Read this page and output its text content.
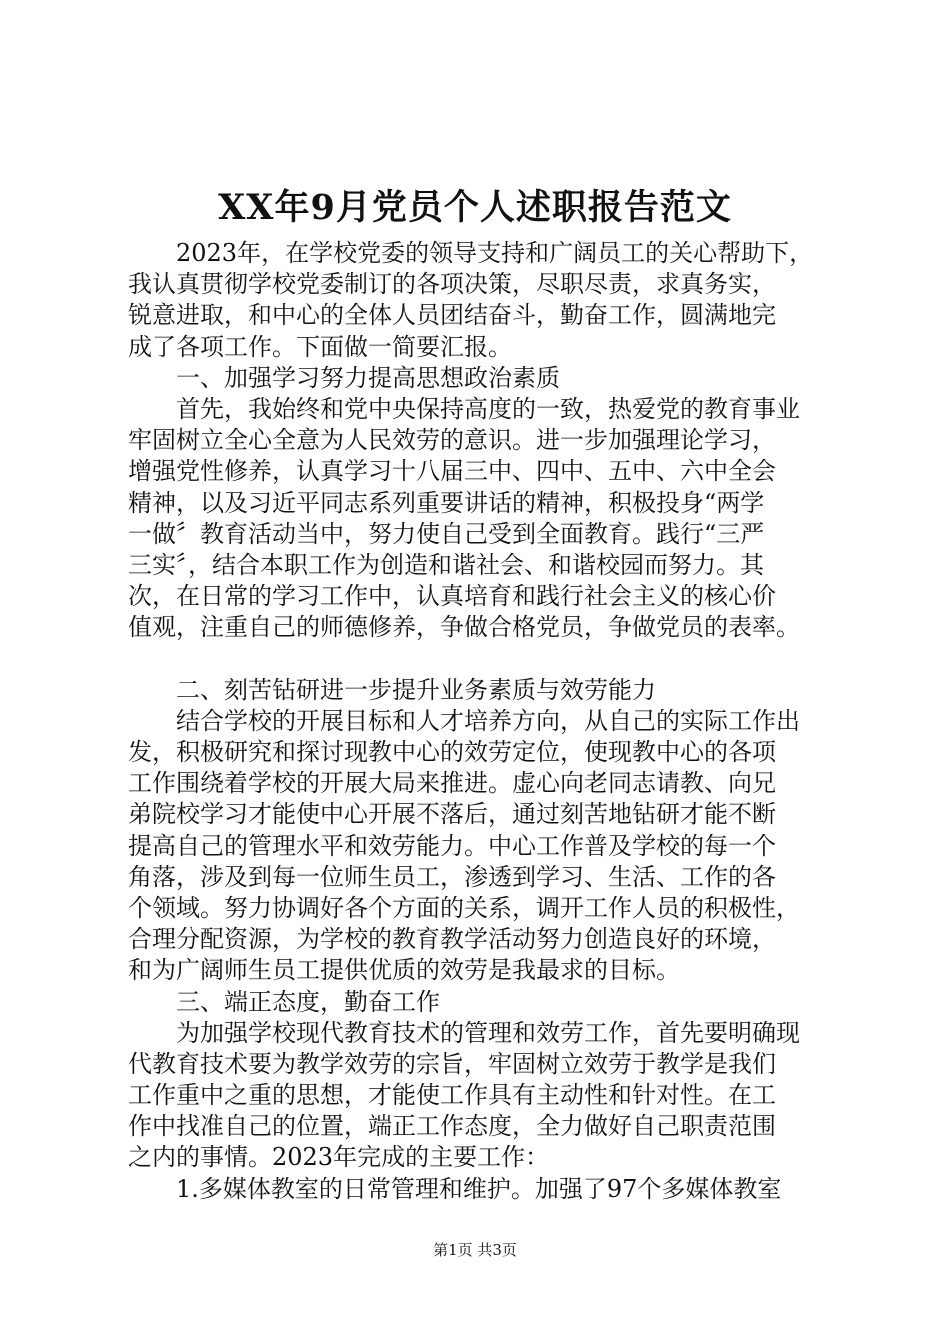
XX年9月党员个人述职报告范文
2023年，在学校党委的领导支持和广阔员工的关心帮助下，
我认真贯彻学校党委制订的各项决策，尽职尽责，求真务实，
锐意进取，和中心的全体人员团结奋斗，勤奋工作，圆满地完
成了各项工作。下面做一简要汇报。
一、加强学习努力提高思想政治素质
首先，我始终和党中央保持高度的一致，热爱党的教育事业
牢固树立全心全意为人民效劳的意识。进一步加强理论学习，
增强党性修养，认真学习十八届三中、四中、五中、六中全会
精神，以及习近平同志系列重要讲话的精神，积极投身“两学
一做〞教育活动当中，努力使自己受到全面教育。践行“三严
三实〞，结合本职工作为创造和谐社会、和谐校园而努力。其
次，在日常的学习工作中，认真培育和践行社会主义的核心价
值观，注重自己的师德修养，争做合格党员，争做党员的表率。
二、刻苦钻研进一步提升业务素质与效劳能力
结合学校的开展目标和人才培养方向，从自己的实际工作出
发，积极研究和探讨现教中心的效劳定位，使现教中心的各项
工作围绕着学校的开展大局来推进。虚心向老同志请教、向兄
弟院校学习才能使中心开展不落后，通过刻苦地钻研才能不断
提高自己的管理水平和效劳能力。中心工作普及学校的每一个
角落，涉及到每一位师生员工，渗透到学习、生活、工作的各
个领域。努力协调好各个方面的关系，调开工作人员的积极性，
合理分配资源，为学校的教育教学活动努力创造良好的环境，
和为广阔师生员工提供优质的效劳是我最求的目标。
三、端正态度，勤奋工作
为加强学校现代教育技术的管理和效劳工作，首先要明确现
代教育技术要为教学效劳的宗旨，牢固树立效劳于教学是我们
工作重中之重的思想，才能使工作具有主动性和针对性。在工
作中找准自己的位置，端正工作态度，全力做好自己职责范围
之内的事情。2023年完成的主要工作：
1.多媒体教室的日常管理和维护。加强了97个多媒体教室
第1页 共3页
